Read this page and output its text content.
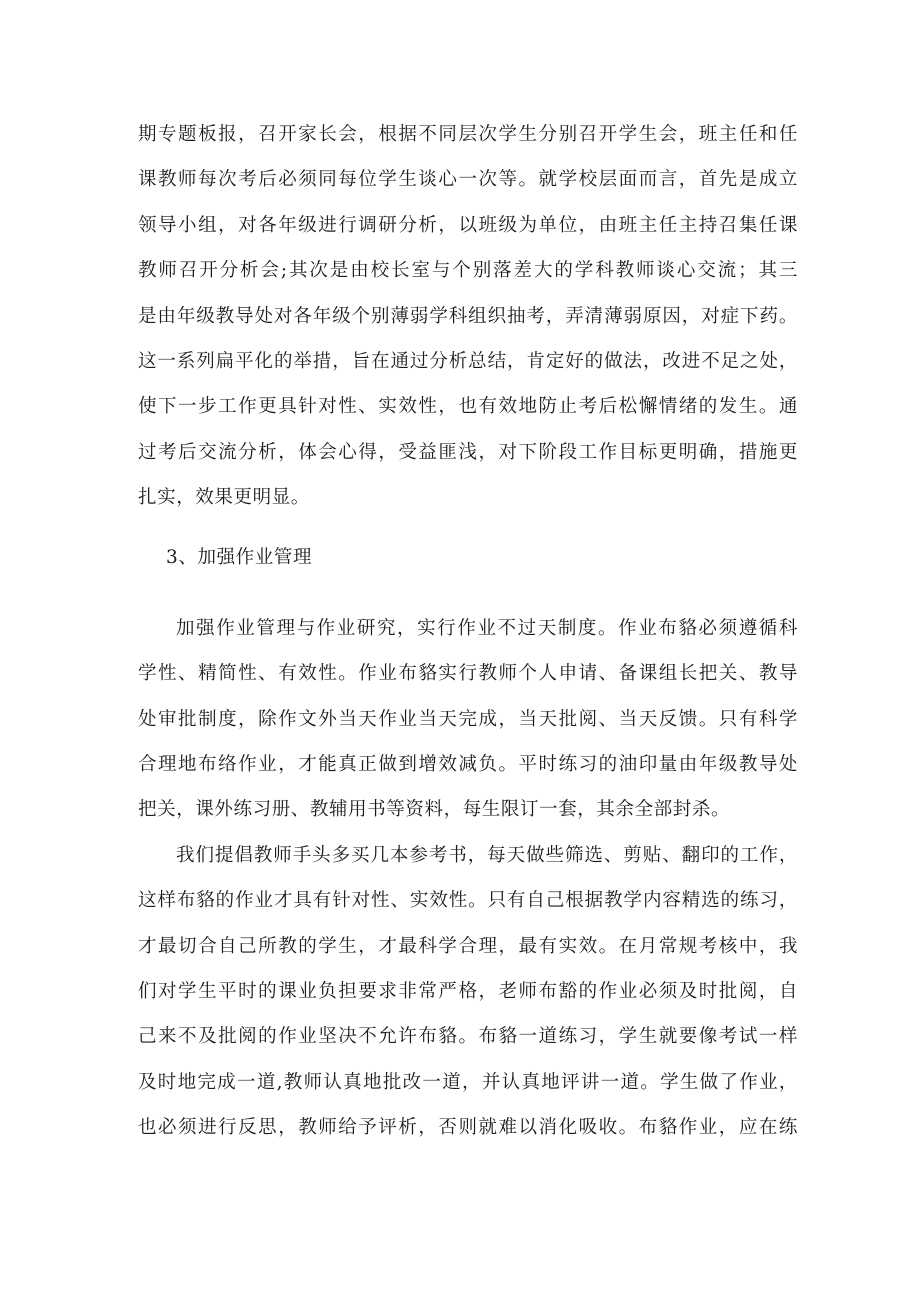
期专题板报，召开家长会，根据不同层次学生分别召开学生会，班主任和任
课教师每次考后必须同每位学生谈心一次等。就学校层面而言，首先是成立
领导小组，对各年级进行调研分析，以班级为单位，由班主任主持召集任课
教师召开分析会;其次是由校长室与个别落差大的学科教师谈心交流；其三
是由年级教导处对各年级个别薄弱学科组织抽考，弄清薄弱原因，对症下药。
这一系列扁平化的举措，旨在通过分析总结，肯定好的做法，改进不足之处，
使下一步工作更具针对性、实效性，也有效地防止考后松懈情绪的发生。通
过考后交流分析，体会心得，受益匪浅，对下阶段工作目标更明确，措施更
扎实，效果更明显。
3、加强作业管理
加强作业管理与作业研究，实行作业不过天制度。作业布貉必须遵循科
学性、精简性、有效性。作业布貉实行教师个人申请、备课组长把关、教导
处审批制度，除作文外当天作业当天完成，当天批阅、当天反馈。只有科学
合理地布络作业，才能真正做到增效减负。平时练习的油印量由年级教导处
把关，课外练习册、教辅用书等资料，每生限订一套，其余全部封杀。
我们提倡教师手头多买几本参考书，每天做些筛选、剪贴、翻印的工作，
这样布貉的作业才具有针对性、实效性。只有自己根据教学内容精选的练习，
才最切合自己所教的学生，才最科学合理，最有实效。在月常规考核中，我
们对学生平时的课业负担要求非常严格，老师布豁的作业必须及时批阅，自
己来不及批阅的作业坚决不允许布貉。布貉一道练习，学生就要像考试一样
及时地完成一道,教师认真地批改一道，并认真地评讲一道。学生做了作业，
也必须进行反思，教师给予评析，否则就难以消化吸收。布貉作业，应在练
